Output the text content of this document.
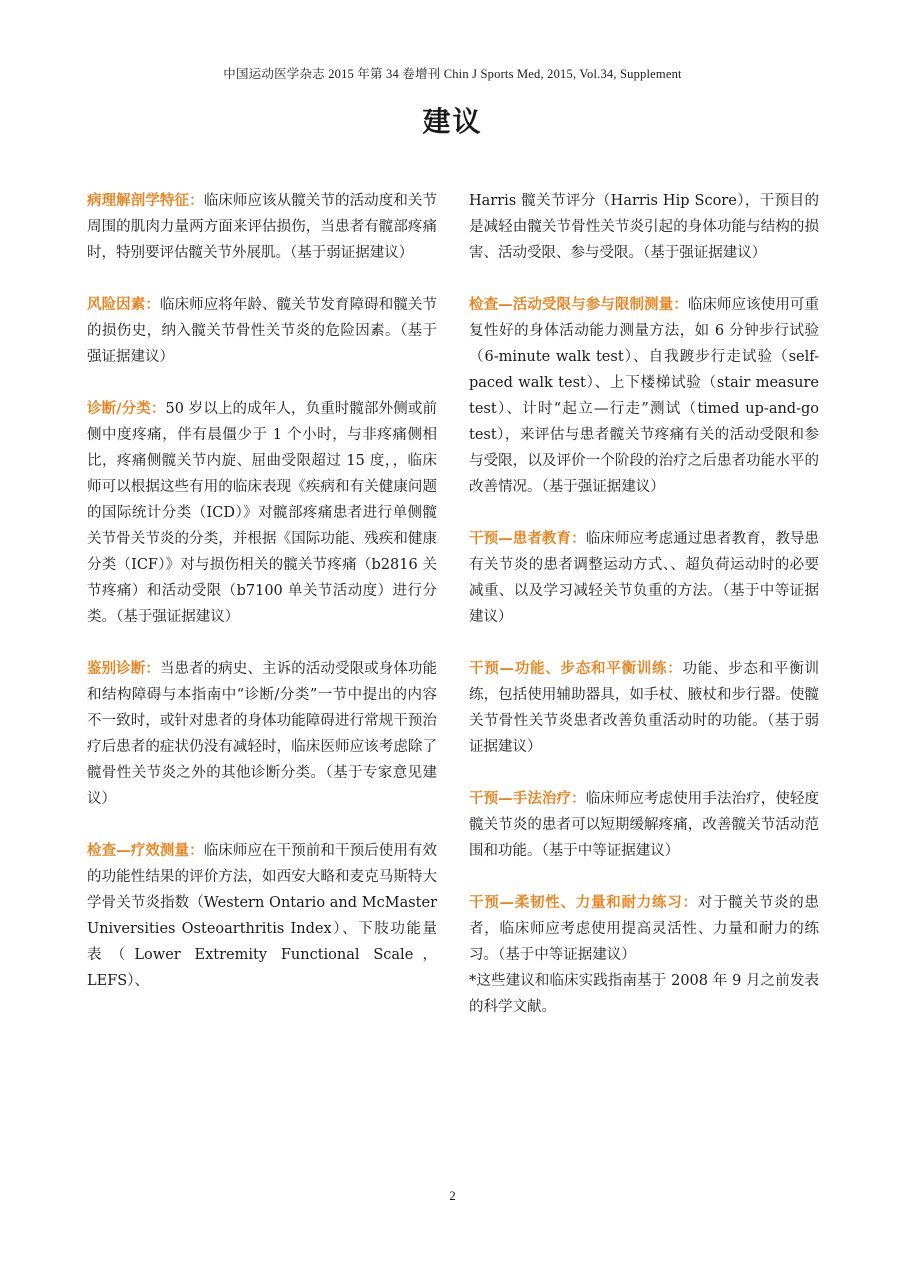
中国运动医学杂志 2015 年第 34 卷增刊 Chin J Sports Med, 2015, Vol.34, Supplement
建议

病理解剖学特征：临床师应该从髋关节的活动度和关节周围的肌肉力量两方面来评估损伤，当患者有髋部疼痛时，特别要评估髋关节外展肌。（基于弱证据建议）

风险因素：临床师应将年龄、髋关节发育障碍和髋关节的损伤史，纳入髋关节骨性关节炎的危险因素。（基于强证据建议）

诊断/分类：50 岁以上的成年人，负重时髋部外侧或前侧中度疼痛，伴有晨僵少于 1 个小时，与非疼痛侧相比，疼痛侧髋关节内旋、屈曲受限超过 15 度，，临床师可以根据这些有用的临床表现《疾病和有关健康问题的国际统计分类（ICD）》对髋部疼痛患者进行单侧髋关节骨关节炎的分类，并根据《国际功能、残疾和健康分类（ICF）》对与损伤相关的髋关节疼痛（b2816 关节疼痛）和活动受限（b7100 单关节活动度）进行分类。（基于强证据建议）

鉴别诊断：当患者的病史、主诉的活动受限或身体功能和结构障碍与本指南中“诊断/分类”一节中提出的内容不一致时，或针对患者的身体功能障碍进行常规干预治疗后患者的症状仍没有减轻时，临床医师应该考虑除了髋骨性关节炎之外的其他诊断分类。（基于专家意见建议）

检查—疗效测量：临床师应在干预前和干预后使用有效的功能性结果的评价方法，如西安大略和麦克马斯特大学骨关节炎指数（Western Ontario and McMaster Universities Osteoarthritis Index）、下肢功能量表（Lower Extremity Functional Scale，LEFS）、

Harris 髋关节评分（Harris Hip Score），干预目的是减轻由髋关节骨性关节炎引起的身体功能与结构的损害、活动受限、参与受限。（基于强证据建议）

检查—活动受限与参与限制测量：临床师应该使用可重复性好的身体活动能力测量方法，如 6 分钟步行试验（6-minute walk test）、自我踱步行走试验（self-paced walk test）、上下楼梯试验（stair measure test）、计时“起立—行走”测试（timed up-and-go test），来评估与患者髋关节疼痛有关的活动受限和参与受限，以及评价一个阶段的治疗之后患者功能水平的改善情况。（基于强证据建议）

干预—患者教育：临床师应考虑通过患者教育，教导患有关节炎的患者调整运动方式、、超负荷运动时的必要减重、以及学习减轻关节负重的方法。（基于中等证据建议）

干预—功能、步态和平衡训练：功能、步态和平衡训练，包括使用辅助器具，如手杖、腋杖和步行器。使髋关节骨性关节炎患者改善负重活动时的功能。（基于弱证据建议）

干预—手法治疗：临床师应考虑使用手法治疗，使轻度髋关节炎的患者可以短期缓解疼痛，改善髋关节活动范围和功能。（基于中等证据建议）

干预—柔韧性、力量和耐力练习：对于髋关节炎的患者，临床师应考虑使用提高灵活性、力量和耐力的练习。（基于中等证据建议）

*这些建议和临床实践指南基于 2008 年 9 月之前发表的科学文献。

2
